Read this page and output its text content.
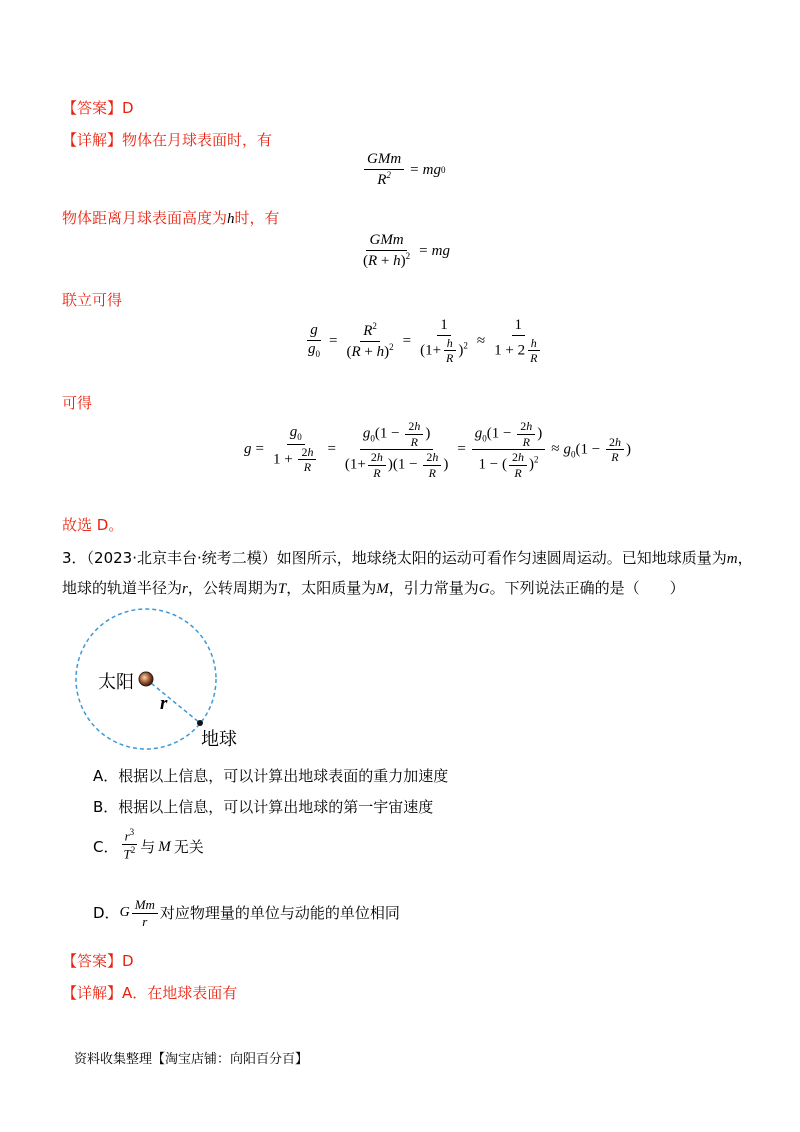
【答案】D
【详解】物体在月球表面时，有
$\frac{\text{GMm}}{R^2}$ = mg 0
物体距离月球表面高度为h时，有
$\frac{\text{GMm}}{(R + h)^2}$ = mg
联立可得
$\frac{g}{g_0} = \frac{R^2}{(R + h)^2} = \frac{1}{(1+ \frac{h}{R} )^2} \approx \frac{1}{1 + 2 \frac{h}{R}}$
可得
$g = \frac{g_0}{1 + \frac{2h}{R}} = \frac{g_0(1 - \frac{2h}{R} )}{(1+ \frac{2h}{R} )(1 - \frac{2h}{R} )} = \frac{g_0(1 - \frac{2h}{R} )}{1 - ( \frac{2h}{R} )^2} \approx g_0(1 - \frac{2h}{R}$ )
故选 D。
3．（2023·北京丰台·统考二模）如图所示，地球绕太阳的运动可看作匀速圆周运动。已知地球质量为m，
地球的轨道半径为r，公转周期为T，太阳质量为M，引力常量为G。下列说法正确的是（　　）
太阳
r
地球
A．根据以上信息，可以计算出地球表面的重力加速度
B．根据以上信息，可以计算出地球的第一宇宙速度
C． $\frac{r^3}{T^2}$ 与 M 无关
D． G $\frac{Mm}{r}$ 对应物理量的单位与动能的单位相同
【答案】D
【详解】A．在地球表面有
资料收集整理【淘宝店铺：向阳百分百】
